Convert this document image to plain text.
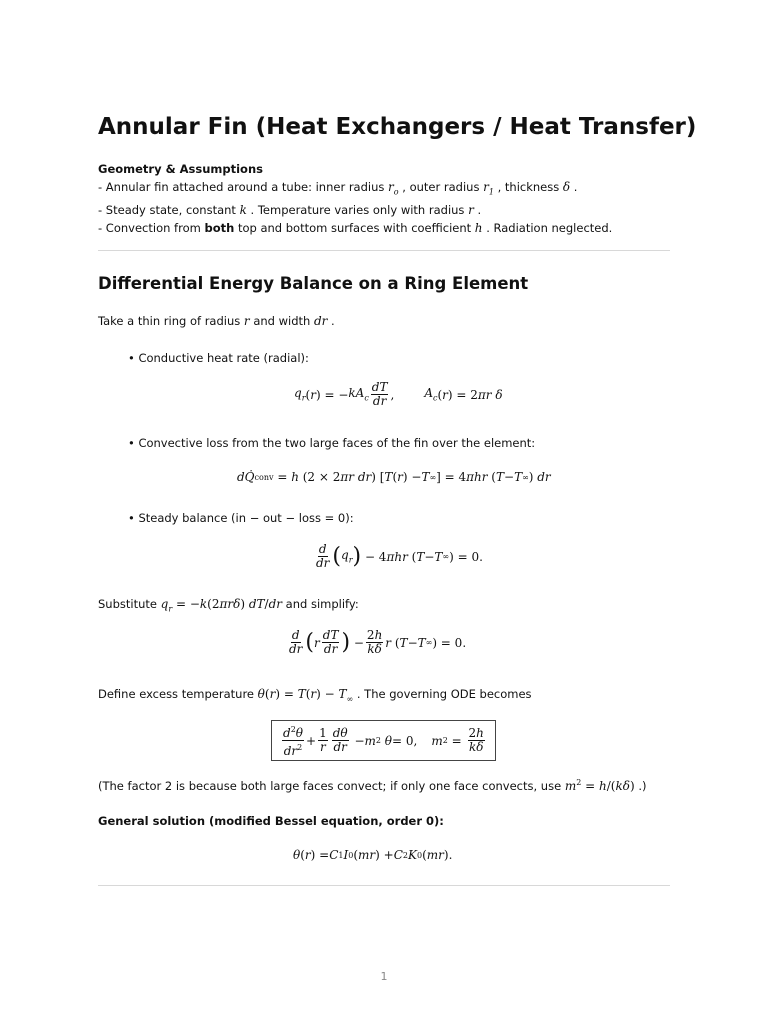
Annular Fin (Heat Exchangers / Heat Transfer)
Geometry & Assumptions
- Annular fin attached around a tube: inner radius $r_o$ , outer radius $r_1$ , thickness δ .
- Steady state, constant k . Temperature varies only with radius r .
- Convection from both top and bottom surfaces with coefficient h . Radiation neglected.
Differential Energy Balance on a Ring Element
Take a thin ring of radius r and width dr .
• Conductive heat rate (radial):
$q_r$ ( r ) = − $kA_c \frac{dT}{dr}$ ,	$A_c$ ( r ) = 2 πr δ
• Convective loss from the two large faces of the fin over the element:
dQ̇ conv = h (2 × 2 πr dr ) [ T ( r ) − T ∞ ] = 4 πhr ( T − T ∞ ) dr
• Steady balance (in − out − loss = 0):
$\frac{d}{dr}$ ( $q_r$ ) − 4 πhr ( T − T ∞ ) = 0.
Substitute $q_r = -k(2\pi r\delta)$ dT/dr and simplify:
$\frac{d}{dr}$ ( r $\frac{dT}{dr}$ ) − $\frac{2h}{k\delta}$ r ( T − T ∞ ) = 0.
Define excess temperature $\theta(r) = T(r) - T_\infty$ . The governing ODE becomes
$\frac{d^2\theta}{dr^2} + \frac{1}{r} \frac{d\theta}{dr} - m$ 2 θ = 0, m $2 = \frac{2h}{k\delta}$
(The factor 2 is because both large faces convect; if only one face convects, use $m^2 = h/(k\delta)$ .)
General solution (modified Bessel equation, order 0):
θ ( r ) = C 1 I 0 ( mr ) + C 2 K 0 ( mr ).
1
